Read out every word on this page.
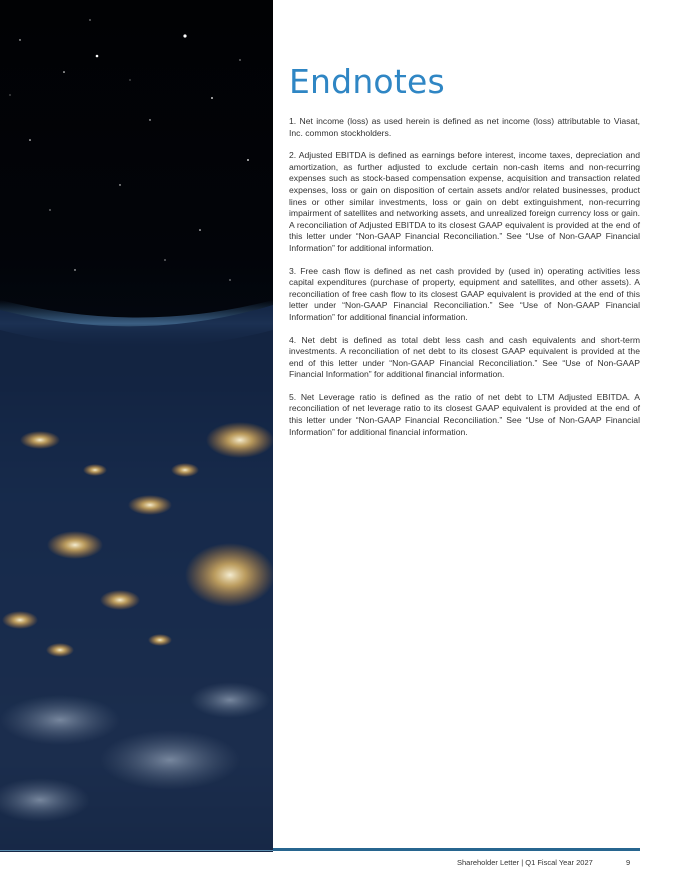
Endnotes

1. Net income (loss) as used herein is defined as net income (loss) attributable to Viasat, Inc. common stockholders.

2. Adjusted EBITDA is defined as earnings before interest, income taxes, depreciation and amortization, as further adjusted to exclude certain non-cash items and non-recurring expenses such as stock-based compensation expense, acquisition and transaction related expenses, loss or gain on disposition of certain assets and/or related businesses, product lines or other similar investments, loss or gain on debt extinguishment, non-recurring impairment of satellites and networking assets, and unrealized foreign currency loss or gain. A reconciliation of Adjusted EBITDA to its closest GAAP equivalent is provided at the end of this letter under “Non-GAAP Financial Reconciliation.” See “Use of Non-GAAP Financial Information” for additional information.

3. Free cash flow is defined as net cash provided by (used in) operating activities less capital expenditures (purchase of property, equipment and satellites, and other assets). A reconciliation of free cash flow to its closest GAAP equivalent is provided at the end of this letter under “Non-GAAP Financial Reconciliation.” See “Use of Non-GAAP Financial Information” for additional financial information.

4. Net debt is defined as total debt less cash and cash equivalents and short-term investments. A reconciliation of net debt to its closest GAAP equivalent is provided at the end of this letter under “Non-GAAP Financial Reconciliation.” See “Use of Non-GAAP Financial Information” for additional financial information.

5. Net Leverage ratio is defined as the ratio of net debt to LTM Adjusted EBITDA. A reconciliation of net leverage ratio to its closest GAAP equivalent is provided at the end of this letter under “Non-GAAP Financial Reconciliation.” See “Use of Non-GAAP Financial Information” for additional financial information.

Shareholder Letter | Q1 Fiscal Year 2027	9
